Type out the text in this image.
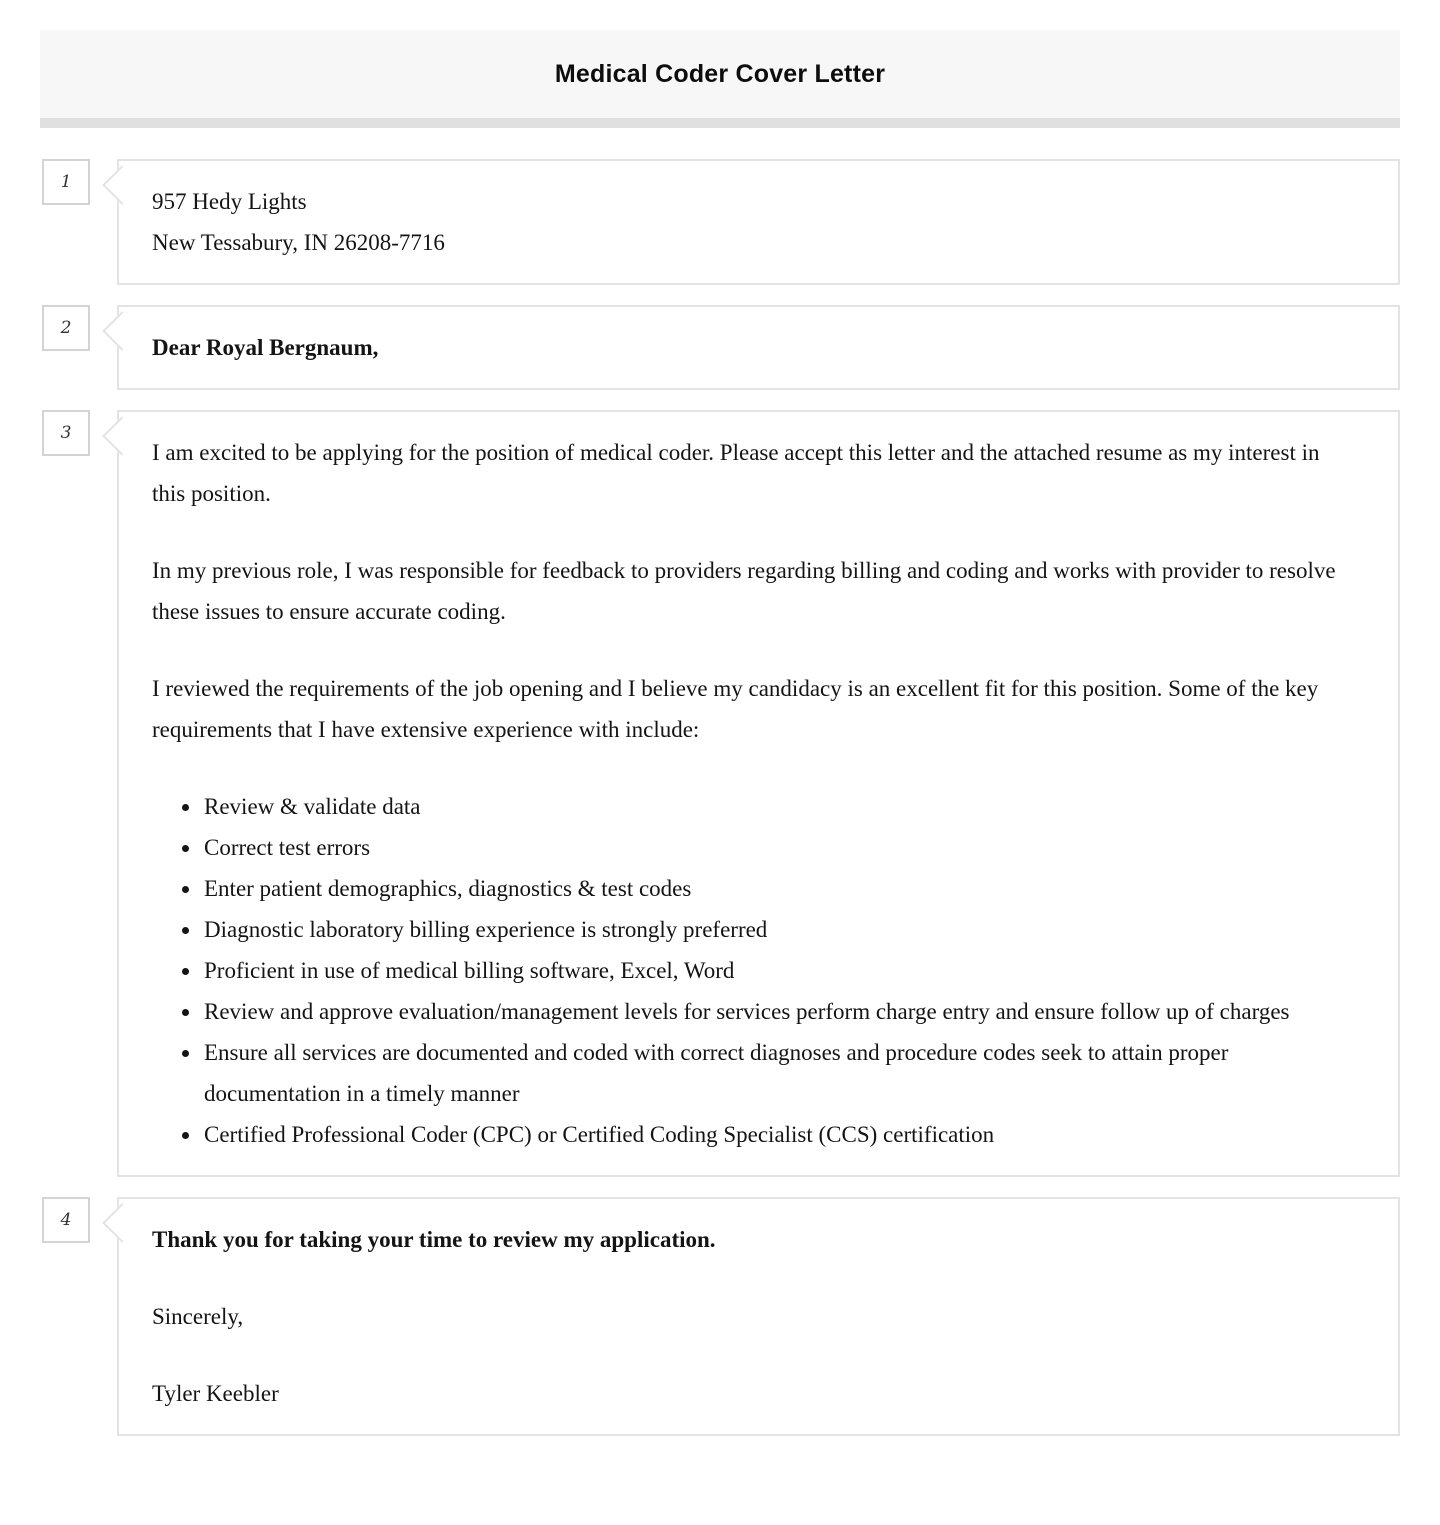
Medical Coder Cover Letter
1
957 Hedy Lights
New Tessabury, IN 26208-7716
2
Dear Royal Bergnaum,
3

I am excited to be applying for the position of medical coder. Please accept this letter and the attached resume as my interest in this position.

In my previous role, I was responsible for feedback to providers regarding billing and coding and works with provider to resolve these issues to ensure accurate coding.

I reviewed the requirements of the job opening and I believe my candidacy is an excellent fit for this position. Some of the key requirements that I have extensive experience with include:

• Review & validate data
• Correct test errors
• Enter patient demographics, diagnostics & test codes
• Diagnostic laboratory billing experience is strongly preferred
• Proficient in use of medical billing software, Excel, Word
• Review and approve evaluation/management levels for services perform charge entry and ensure follow up of charges
• Ensure all services are documented and coded with correct diagnoses and procedure codes seek to attain proper documentation in a timely manner
• Certified Professional Coder (CPC) or Certified Coding Specialist (CCS) certification
4

Thank you for taking your time to review my application.

Sincerely,

Tyler Keebler
